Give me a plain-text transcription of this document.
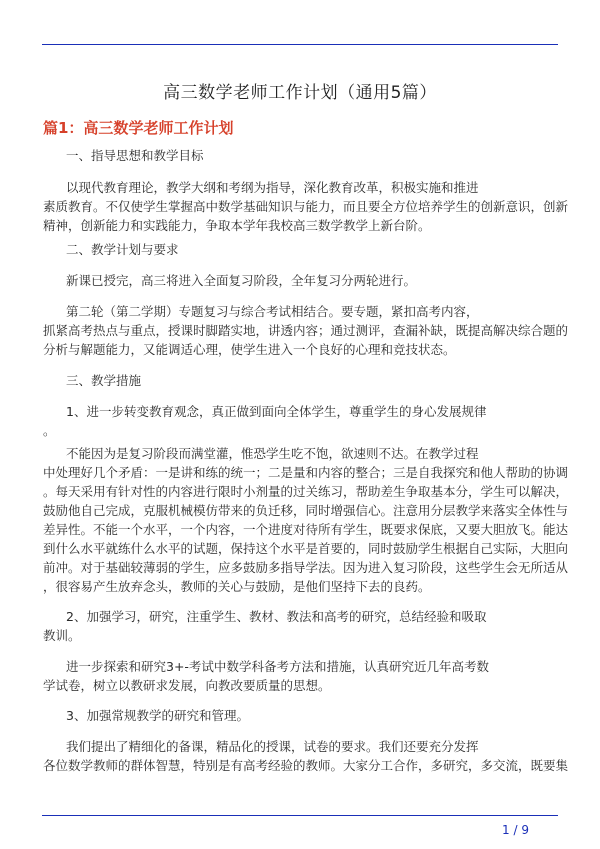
高三数学老师工作计划（通用5篇）
篇1：高三数学老师工作计划
一、指导思想和教学目标
以现代教育理论，教学大纲和考纲为指导，深化教育改革，积极实施和推进
素质教育。不仅使学生掌握高中数学基础知识与能力，而且要全方位培养学生的创新意识，创新
精神，创新能力和实践能力，争取本学年我校高三数学教学上新台阶。
二、教学计划与要求
新课已授完，高三将进入全面复习阶段，全年复习分两轮进行。
第二轮（第二学期）专题复习与综合考试相结合。要专题，紧扣高考内容，
抓紧高考热点与重点，授课时脚踏实地，讲透内容；通过测评，查漏补缺，既提高解决综合题的
分析与解题能力，又能调适心理，使学生进入一个良好的心理和竞技状态。
三、教学措施
1、进一步转变教育观念，真正做到面向全体学生，尊重学生的身心发展规律
。
不能因为是复习阶段而满堂灌，惟恐学生吃不饱，欲速则不达。在教学过程
中处理好几个矛盾：一是讲和练的统一；二是量和内容的整合；三是自我探究和他人帮助的协调
。每天采用有针对性的内容进行限时小剂量的过关练习，帮助差生争取基本分，学生可以解决，
鼓励他自己完成，克服机械模仿带来的负迁移，同时增强信心。注意用分层教学来落实全体性与
差异性。不能一个水平，一个内容，一个进度对待所有学生，既要求保底，又要大胆放飞。能达
到什么水平就练什么水平的试题，保持这个水平是首要的，同时鼓励学生根据自己实际，大胆向
前冲。对于基础较薄弱的学生，应多鼓励多指导学法。因为进入复习阶段，这些学生会无所适从
，很容易产生放弃念头，教师的关心与鼓励，是他们坚持下去的良药。
2、加强学习，研究，注重学生、教材、教法和高考的研究，总结经验和吸取
教训。
进一步探索和研究3+-考试中数学科备考方法和措施，认真研究近几年高考数
学试卷，树立以教研求发展，向教改要质量的思想。
3、加强常规教学的研究和管理。
我们提出了精细化的备课，精品化的授课，试卷的要求。我们还要充分发挥
各位数学教师的群体智慧，特别是有高考经验的教师。大家分工合作，多研究，多交流，既要集
1 / 9
